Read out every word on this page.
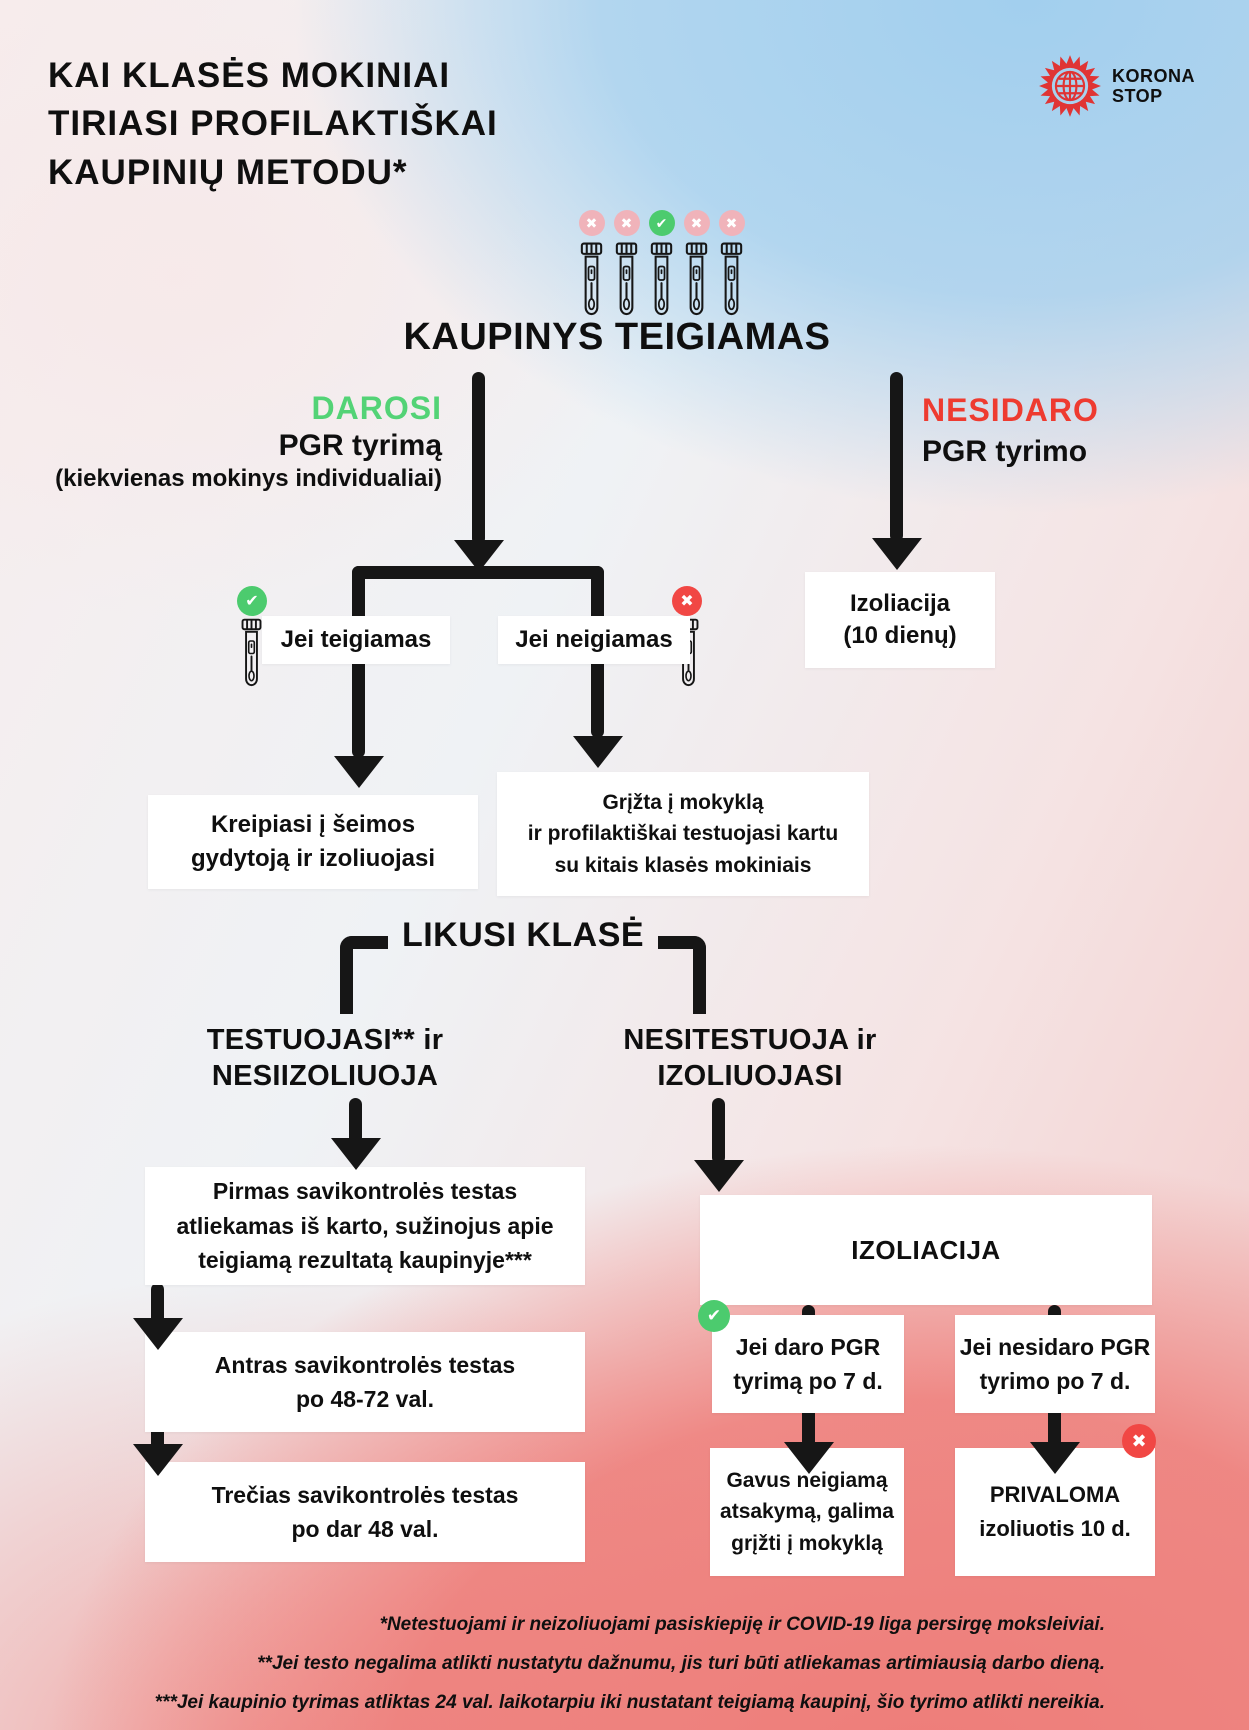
KAI KLASĖS MOKINIAI
TIRIASI PROFILAKTIŠKAI
KAUPINIŲ METODU*
KORONA
STOP
✖	✖	✔	✖	✖
KAUPINYS TEIGIAMAS
DAROSI
PGR tyrimą
(kiekvienas mokinys individualiai)
NESIDARO
PGR tyrimo
Izoliacija
(10 dienų)
✔
Jei teigiamas
✖
Jei neigiamas
Kreipiasi į šeimos
gydytoją ir izoliuojasi
Grįžta į mokyklą
ir profilaktiškai testuojasi kartu
su kitais klasės mokiniais
LIKUSI KLASĖ
TESTUOJASI** ir
NESIIZOLIUOJA
NESITESTUOJA ir
IZOLIUOJASI
Pirmas savikontrolės testas
atliekamas iš karto, sužinojus apie
teigiamą rezultatą kaupinyje***
Antras savikontrolės testas
po 48-72 val.
Trečias savikontrolės testas
po dar 48 val.
IZOLIACIJA
✔
Jei daro PGR
tyrimą po 7 d.
Jei nesidaro PGR
tyrimo po 7 d.
✖
Gavus neigiamą
atsakymą, galima
grįžti į mokyklą
PRIVALOMA
izoliuotis 10 d.
*Netestuojami ir neizoliuojami pasiskiepiję ir COVID-19 liga persirgę moksleiviai.
**Jei testo negalima atlikti nustatytu dažnumu, jis turi būti atliekamas artimiausią darbo dieną.
***Jei kaupinio tyrimas atliktas 24 val. laikotarpiu iki nustatant teigiamą kaupinį, šio tyrimo atlikti nereikia.
